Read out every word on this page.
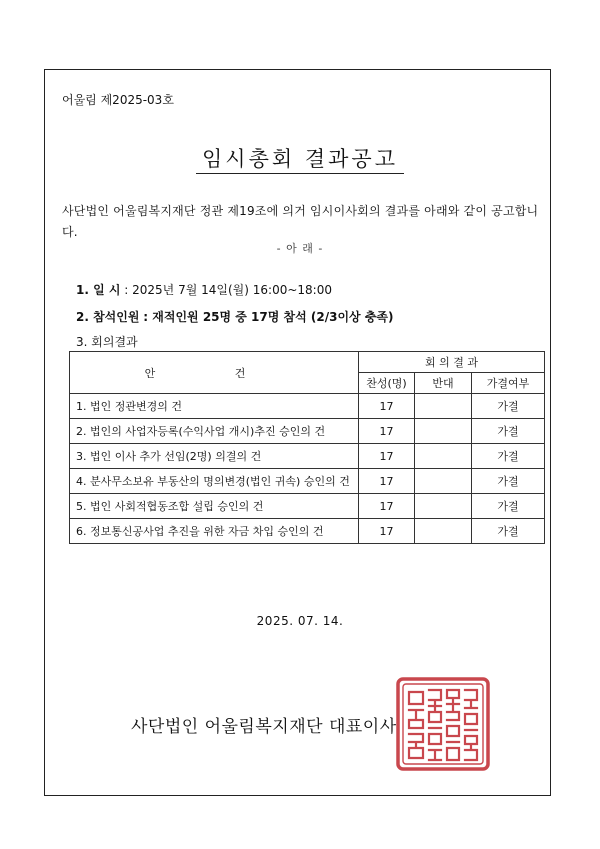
어울림 제2025-03호
임시총회 결과공고
사단법인 어울림복지재단 정관 제19조에 의거 임시이사회의 결과를 아래와 같이 공고합니다.
- 아 래 -
1. 일 시 : 2025년 7월 14일(월) 16:00~18:00
2. 참석인원 : 재적인원 25명 중 17명 참석 (2/3이상 충족)
3. 회의결과
안 건	회 의 결 과		
	찬성(명)	반대	가결여부
1. 법인 정관변경의 건	17		가결
2. 법인의 사업자등록(수익사업 개시)추진 승인의 건	17		가결
3. 법인 이사 추가 선임(2명) 의결의 건	17		가결
4. 분사무소보유 부동산의 명의변경(법인 귀속) 승인의 건	17		가결
5. 법인 사회적협동조합 설립 승인의 건	17		가결
6. 정보통신공사업 추진을 위한 자금 차입 승인의 건	17		가결
2025. 07. 14.
사단법인 어울림복지재단 대표이사
